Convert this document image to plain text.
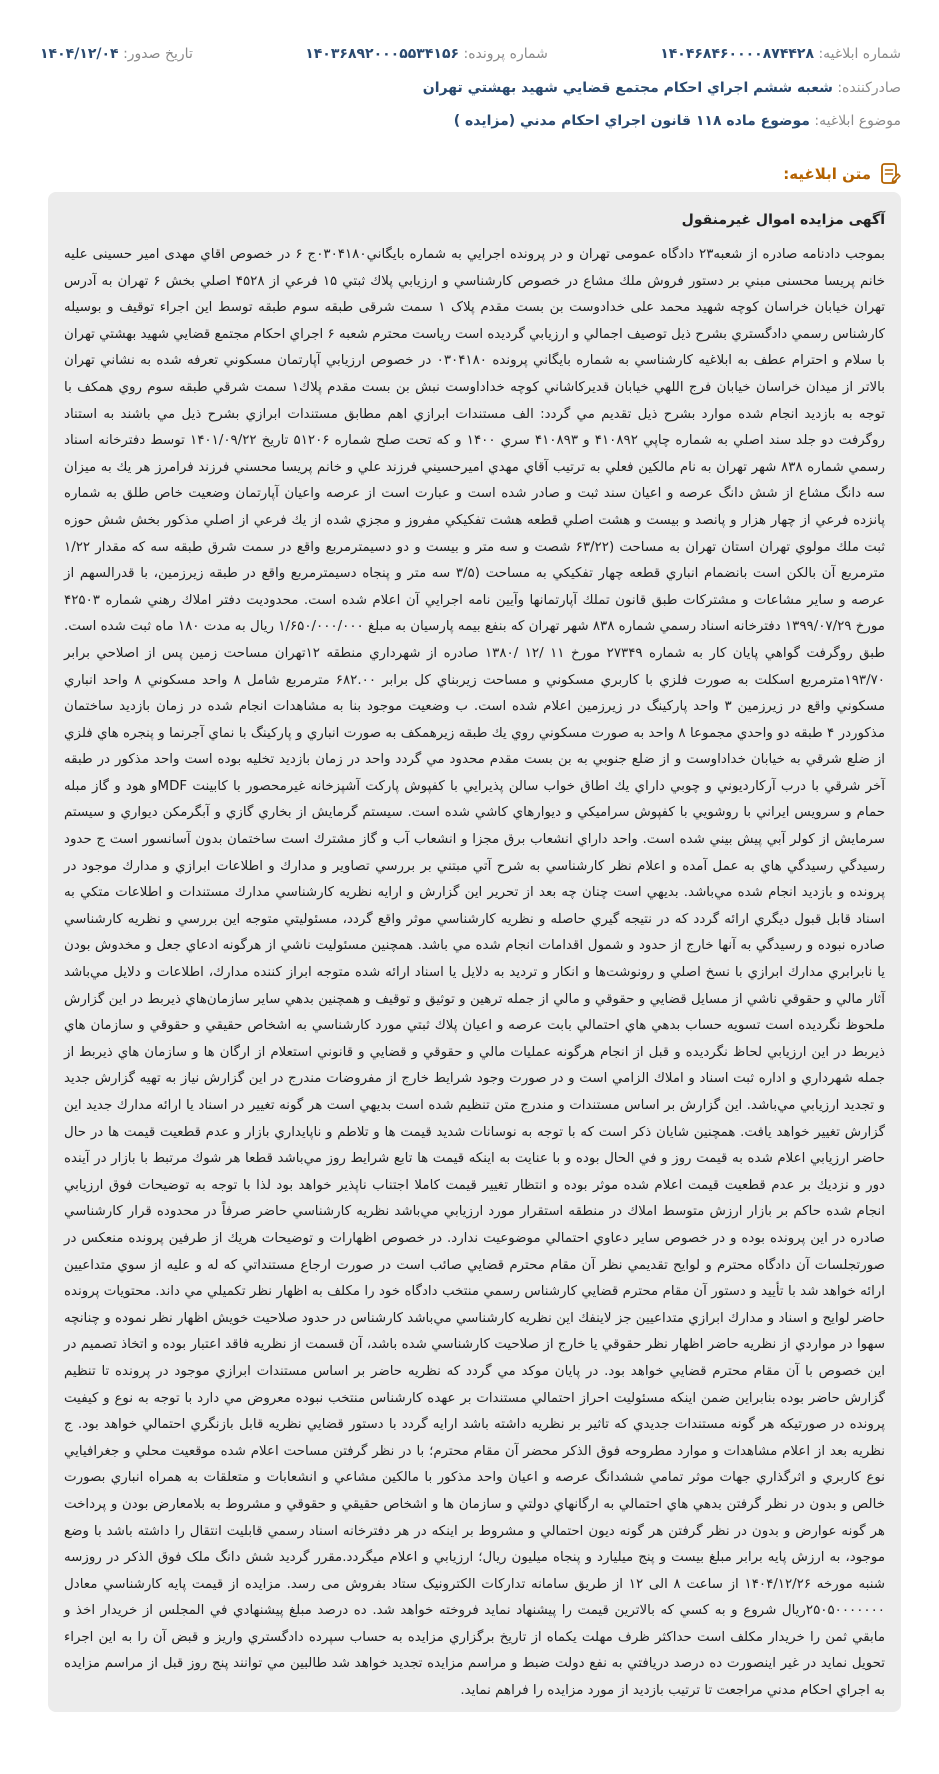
شماره ابلاغيه: ۱۴۰۴۶۸۴۶۰۰۰۰۸۷۴۴۲۸
شماره پرونده: ۱۴۰۳۶۸۹۲۰۰۰۵۵۳۴۱۵۶
تاريخ صدور: ۱۴۰۴/۱۲/۰۴
صادركننده: شعبه ششم اجراي احكام مجتمع قضايي شهيد بهشتي تهران
موضوع ابلاغيه: موضوع ماده ۱۱۸ قانون اجراي احكام مدني (مزايده )
متن ابلاغيه:
آگهی مزايده اموال غيرمنقول

بموجب دادنامه صادره از شعبه۲۳ دادگاه عمومی تهران و در پرونده اجرايي به شماره بايگاني۰۳۰۴۱۸۰ج ۶ در خصوص اقاي مهدی امير حسينی عليه خانم پريسا محسنی مبني بر دستور فروش ملك مشاع در خصوص كارشناسي و ارزيابي پلاك ثبتي ۱۵ فرعي از ۴۵۲۸ اصلي بخش ۶ تهران به آدرس تهران خيابان خراسان كوچه شهيد محمد علی خدادوست بن بست مقدم پلاک ۱ سمت شرقی طبقه سوم طبقه توسط اين اجراء توقيف و بوسيله كارشناس رسمي دادگستري بشرح ذيل توصيف اجمالي و ارزيابي گرديده است رياست محترم شعبه ۶ اجراي احكام مجتمع قضايي شهيد بهشتي تهران با سلام و احترام عطف به ابلاغيه كارشناسي به شماره بايگاني پرونده ۰۳۰۴۱۸۰ در خصوص ارزيابي آپارتمان مسكوني تعرفه شده به نشاني تهران بالاتر از ميدان خراسان خيابان فرج اللهي خيابان قديركاشاني كوچه خداداوست نبش بن بست مقدم پلاك۱ سمت شرقي طبقه سوم روي همكف با توجه به بازديد انجام شده موارد بشرح ذيل تقديم مي گردد: الف مستندات ابرازي اهم مطابق مستندات ابرازي بشرح ذيل مي باشند به استناد روگرفت دو جلد سند اصلي به شماره چاپي ۴۱۰۸۹۲ و ۴۱۰۸۹۳ سري ۱۴۰۰ و كه تحت صلح شماره ۵۱۲۰۶ تاريخ ۱۴۰۱/۰۹/۲۲ توسط دفترخانه اسناد رسمي شماره ۸۳۸ شهر تهران به نام مالكين فعلي به ترتيب آقاي مهدي اميرحسيني فرزند علي و خانم پريسا محسني فرزند فرامرز هر يك به ميزان سه دانگ مشاع از شش دانگ عرصه و اعيان سند ثبت و صادر شده است و عبارت است از عرصه واعيان آپارتمان وضعيت خاص طلق به شماره پانزده فرعي از چهار هزار و پانصد و بيست و هشت اصلي قطعه هشت تفكيكي مفروز و مجزي شده از يك فرعي از اصلي مذكور بخش شش حوزه ثبت ملك مولوي تهران استان تهران به مساحت (۶۳/۲۲ شصت و سه متر و بيست و دو دسيمترمربع واقع در سمت شرق طبقه سه كه مقدار ۱/۲۲ مترمربع آن بالكن است بانضمام انباري قطعه چهار تفكيكي به مساحت (۳/۵ سه متر و پنجاه دسيمترمربع واقع در طبقه زيرزمين، با قدرالسهم از عرصه و ساير مشاعات و مشتركات طبق قانون تملك آپارتمانها وآيين نامه اجرايي آن اعلام شده است. محدوديت دفتر املاك رهني شماره ۴۲۵۰۳ مورخ ۱۳۹۹/۰۷/۲۹ دفترخانه اسناد رسمي شماره ۸۳۸ شهر تهران كه بنفع بيمه پارسيان به مبلغ ۱/۶۵۰/۰۰۰/۰۰۰ ريال به مدت ۱۸۰ ماه ثبت شده است. طبق روگرفت گواهي پايان كار به شماره ۲۷۳۴۹ مورخ ۱۱ /۱۲ /۱۳۸۰ صادره از شهرداري منطقه ۱۲تهران مساحت زمين پس از اصلاحي برابر ۱۹۳/۷۰مترمربع اسكلت به صورت فلزي با كاربري مسكوني و مساحت زيربناي كل برابر ۶۸۲.۰۰ مترمربع شامل ۸ واحد مسكوني ۸ واحد انباري مسكوني واقع در زيرزمين ۳ واحد پاركينگ در زيرزمين اعلام شده است. ب وضعيت موجود بنا به مشاهدات انجام شده در زمان بازديد ساختمان مذكوردر ۴ طبقه دو واحدي مجموعا ۸ واحد به صورت مسكوني روي يك طبقه زيرهمكف به صورت انباري و پاركينگ با نماي آجرنما و پنجره هاي فلزي از ضلع شرقي به خيابان خداداوست و از ضلع جنوبي به بن بست مقدم محدود مي گردد واحد در زمان بازديد تخليه بوده است واحد مذكور در طبقه آخر شرقي با درب آركارديوني و چوبي داراي يك اطاق خواب سالن پذيرايي با كفپوش پاركت آشپزخانه غيرمحصور با كابينت MDFو هود و گاز مبله حمام و سرويس ايراني با روشويي با كفپوش سراميكي و ديوارهاي كاشي شده است. سيستم گرمايش از بخاري گازي و آبگرمكن ديواري و سيستم سرمايش از كولر آبي پيش بيني شده است. واحد داراي انشعاب برق مجزا و انشعاب آب و گاز مشترك است ساختمان بدون آسانسور است ج حدود رسيدگي رسيدگي هاي به عمل آمده و اعلام نظر كارشناسي به شرح آتي مبتني بر بررسي تصاوير و مدارك و اطلاعات ابرازي و مدارك موجود در پرونده و بازديد انجام شده مي‌باشد. بديهي است چنان چه بعد از تحرير اين گزارش و ارايه نظريه كارشناسي مدارك مستندات و اطلاعات متكي به اسناد قابل قبول ديگري ارائه گردد كه در نتيجه گيري حاصله و نظريه كارشناسي موثر واقع گردد، مسئوليتي متوجه اين بررسي و نظريه كارشناسي صادره نبوده و رسيدگي به آنها خارج از حدود و شمول اقدامات انجام شده مي باشد. همچنين مسئوليت ناشي از هرگونه ادعاي جعل و مخدوش بودن يا نابرابري مدارك ابرازي با نسخ اصلي و رونوشت‌ها و انكار و ترديد به دلايل يا اسناد ارائه شده متوجه ابراز كننده مدارك، اطلاعات و دلايل مي‌باشد آثار مالي و حقوقي ناشي از مسايل قضايي و حقوقي و مالي از جمله ترهين و توثيق و توقيف و همچنين بدهي ساير سازمان‌هاي ذيربط در اين گزارش ملحوظ نگرديده است تسويه حساب بدهي هاي احتمالي بابت عرصه و اعيان پلاك ثبتي مورد كارشناسي به اشخاص حقيقي و حقوقي و سازمان هاي ذيربط در اين ارزيابي لحاظ نگرديده و قبل از انجام هرگونه عمليات مالي و حقوقي و قضايي و قانوني استعلام از ارگان ها و سازمان هاي ذيربط از جمله شهرداري و اداره ثبت اسناد و املاك الزامي است و در صورت وجود شرايط خارج از مفروضات مندرج در اين گزارش نياز به تهيه گزارش جديد و تجديد ارزيابي مي‌باشد. اين گزارش بر اساس مستندات و مندرج متن تنظيم شده است بديهي است هر گونه تغيير در اسناد يا ارائه مدارك جديد اين گزارش تغيير خواهد يافت. همچنين شايان ذكر است كه با توجه به نوسانات شديد قيمت ها و تلاطم و ناپايداري بازار و عدم قطعيت قيمت ها در حال حاضر ارزيابي اعلام شده به قيمت روز و في الحال بوده و با عنايت به اينكه قيمت ها تابع شرايط روز مي‌باشد قطعا هر شوك مرتبط با بازار در آينده دور و نزديك بر عدم قطعيت قيمت اعلام شده موثر بوده و انتظار تغيير قيمت كاملا اجتناب ناپذير خواهد بود لذا با توجه به توضيحات فوق ارزيابي انجام شده حاكم بر بازار ارزش متوسط املاك در منطقه استقرار مورد ارزيابي مي‌باشد نظريه كارشناسي حاضر صرفاً در محدوده قرار كارشناسي صادره در اين پرونده بوده و در خصوص ساير دعاوي احتمالي موضوعيت ندارد. در خصوص اظهارات و توضيحات هريك از طرفين پرونده منعكس در صورتجلسات آن دادگاه محترم و لوايح تقديمي نظر آن مقام محترم قضايي صائب است در صورت ارجاع مستنداتي كه له و عليه از سوي متداعيين ارائه خواهد شد با تأييد و دستور آن مقام محترم قضايي كارشناس رسمي منتخب دادگاه خود را مكلف به اظهار نظر تكميلي مي داند. محتويات پرونده حاضر لوايح و اسناد و مدارك ابرازي متداعيين جز لاينفك اين نظريه كارشناسي مي‌باشد كارشناس در حدود صلاحيت خويش اظهار نظر نموده و چنانچه سهوا در مواردي از نظريه حاضر اظهار نظر حقوقي يا خارج از صلاحيت كارشناسي شده باشد، آن قسمت از نظريه فاقد اعتبار بوده و اتخاذ تصميم در اين خصوص با آن مقام محترم قضايي خواهد بود. در پايان موكد مي گردد كه نظريه حاضر بر اساس مستندات ابرازي موجود در پرونده تا تنظيم گزارش حاضر بوده بنابراين ضمن اينكه مسئوليت احراز احتمالي مستندات بر عهده كارشناس منتخب نبوده معروض مي دارد با توجه به نوع و كيفيت پرونده در صورتيكه هر گونه مستندات جديدي كه تاثير بر نظريه داشته باشد ارايه گردد با دستور قضايي نظريه قابل بازنگري احتمالي خواهد بود. ج نظريه بعد از اعلام مشاهدات و موارد مطروحه فوق الذكر محضر آن مقام محترم؛ با در نظر گرفتن مساحت اعلام شده موقعيت محلي و جغرافيايي نوع كاربري و اثرگذاري جهات موثر تمامي ششدانگ عرصه و اعيان واحد مذكور با مالكين مشاعي و انشعابات و متعلقات به همراه انباري بصورت خالص و بدون در نظر گرفتن بدهي هاي احتمالي به ارگانهاي دولتي و سازمان ها و اشخاص حقيقي و حقوقي و مشروط به بلامعارض بودن و پرداخت هر گونه عوارض و بدون در نظر گرفتن هر گونه ديون احتمالي و مشروط بر اينكه در هر دفترخانه اسناد رسمي قابليت انتقال را داشته باشد با وضع موجود، به ارزش پايه برابر مبلغ بيست و پنج ميليارد و پنجاه ميليون ريال؛ ارزيابي و اعلام ميگردد.مقرر گرديد شش دانگ ملک فوق الذکر در روزسه شنبه مورخه ۱۴۰۴/۱۲/۲۶ از ساعت ۸ الی ۱۲ از طریق سامانه تدارکات الکترونیک ستاد بفروش می رسد. مزايده از قيمت پايه كارشناسي معادل ۲۵۰۵۰۰۰۰۰۰۰ريال شروع و به كسي كه بالاترين قيمت را پيشنهاد نمايد فروخته خواهد شد. ده درصد مبلغ پيشنهادي في المجلس از خريدار اخذ و مابقي ثمن را خريدار مكلف است حداكثر ظرف مهلت يكماه از تاريخ برگزاري مزايده به حساب سپرده دادگستري واريز و قبض آن را به اين اجراء تحويل نمايد در غير اينصورت ده درصد دريافتي به نفع دولت ضبط و مراسم مزايده تجديد خواهد شد طالبين مي توانند پنج روز قبل از مراسم مزايده به اجراي احكام مدني مراجعت تا ترتيب بازديد از مورد مزايده را فراهم نمايد.
